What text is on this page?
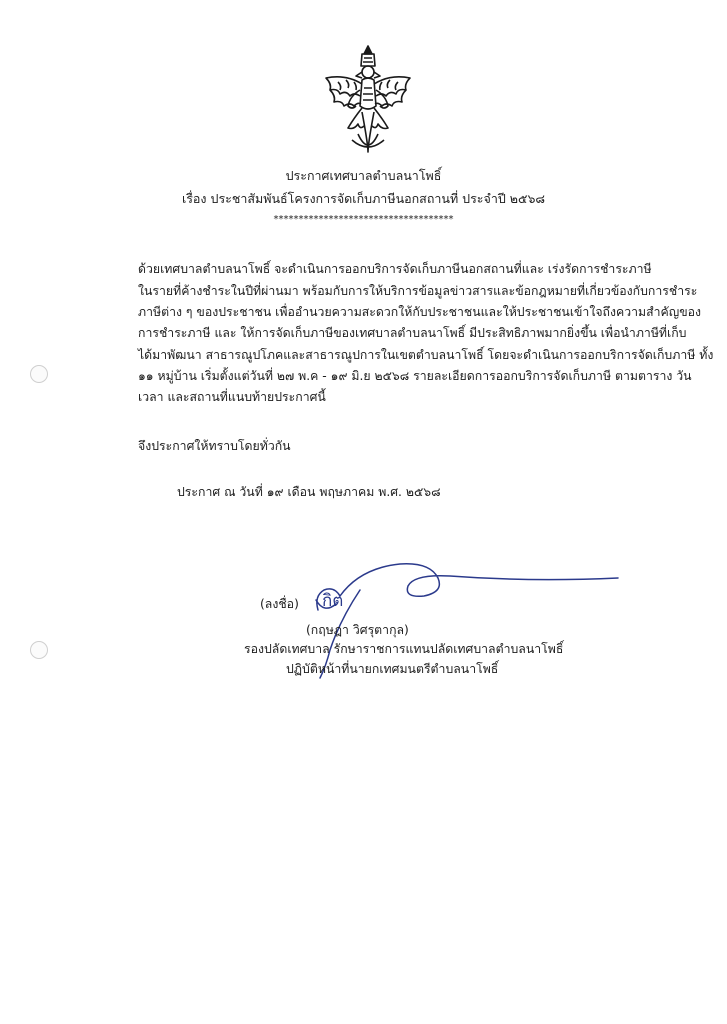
ประกาศเทศบาลตำบลนาโพธิ์
เรื่อง ประชาสัมพันธ์โครงการจัดเก็บภาษีนอกสถานที่ ประจำปี ๒๕๖๘
************************************
ด้วยเทศบาลตำบลนาโพธิ์ จะดำเนินการออกบริการจัดเก็บภาษีนอกสถานที่และ เร่งรัดการชำระภาษี
ในรายที่ค้างชำระในปีที่ผ่านมา พร้อมกับการให้บริการข้อมูลข่าวสารและข้อกฎหมายที่เกี่ยวข้องกับการชำระ
ภาษีต่าง ๆ ของประชาชน เพื่ออำนวยความสะดวกให้กับประชาชนและให้ประชาชนเข้าใจถึงความสำคัญของ
การชำระภาษี และ ให้การจัดเก็บภาษีของเทศบาลตำบลนาโพธิ์ มีประสิทธิภาพมากยิ่งขึ้น เพื่อนำภาษีที่เก็บ
ได้มาพัฒนา สาธารณูปโภคและสาธารณูปการในเขตตำบลนาโพธิ์ โดยจะดำเนินการออกบริการจัดเก็บภาษี ทั้ง
๑๑ หมู่บ้าน เริ่มตั้งแต่วันที่ ๒๗ พ.ค - ๑๙ มิ.ย ๒๕๖๘ รายละเอียดการออกบริการจัดเก็บภาษี ตามตาราง วัน
เวลา และสถานที่แนบท้ายประกาศนี้
จึงประกาศให้ทราบโดยทั่วกัน
ประกาศ ณ วันที่ ๑๙ เดือน พฤษภาคม พ.ศ. ๒๕๖๘
(ลงชื่อ) กิต
(กฤษฎา วิศรุตากุล)
รองปลัดเทศบาล รักษาราชการแทนปลัดเทศบาลตำบลนาโพธิ์
ปฏิบัติหน้าที่นายกเทศมนตรีตำบลนาโพธิ์
